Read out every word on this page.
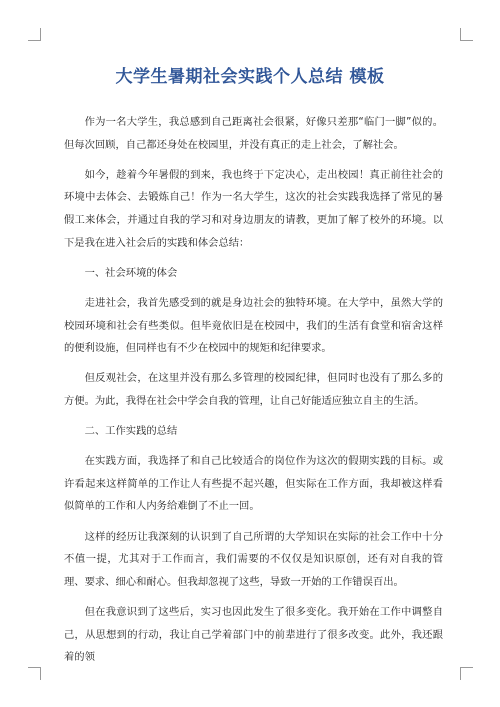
大学生暑期社会实践个人总结 模板

作为一名大学生，我总感到自己距离社会很紧，好像只差那“临门一脚”似的。但每次回顾，自己都还身处在校园里，并没有真正的走上社会，了解社会。

如今，趁着今年暑假的到来，我也终于下定决心，走出校园！真正前往社会的环境中去体会、去锻炼自己！作为一名大学生，这次的社会实践我选择了常见的暑假工来体会，并通过自我的学习和对身边朋友的请教，更加了解了校外的环境。以下是我在进入社会后的实践和体会总结：

一、社会环境的体会

走进社会，我首先感受到的就是身边社会的独特环境。在大学中，虽然大学的校园环境和社会有些类似。但毕竟依旧是在校园中，我们的生活有食堂和宿舍这样的便利设施，但同样也有不少在校园中的规矩和纪律要求。

但反观社会，在这里并没有那么多管理的校园纪律，但同时也没有了那么多的方便。为此，我得在社会中学会自我的管理，让自己好能适应独立自主的生活。

二、工作实践的总结

在实践方面，我选择了和自己比较适合的岗位作为这次的假期实践的目标。或许看起来这样简单的工作让人有些提不起兴趣，但实际在工作方面，我却被这样看似简单的工作和人内务给难倒了不止一回。

这样的经历让我深刻的认识到了自己所谓的大学知识在实际的社会工作中十分不值一提，尤其对于工作而言，我们需要的不仅仅是知识原创，还有对自我的管理、要求、细心和耐心。但我却忽视了这些，导致一开始的工作错误百出。

但在我意识到了这些后，实习也因此发生了很多变化。我开始在工作中调整自己，从思想到的行动，我让自己学着部门中的前辈进行了很多改变。此外，我还跟着的领
